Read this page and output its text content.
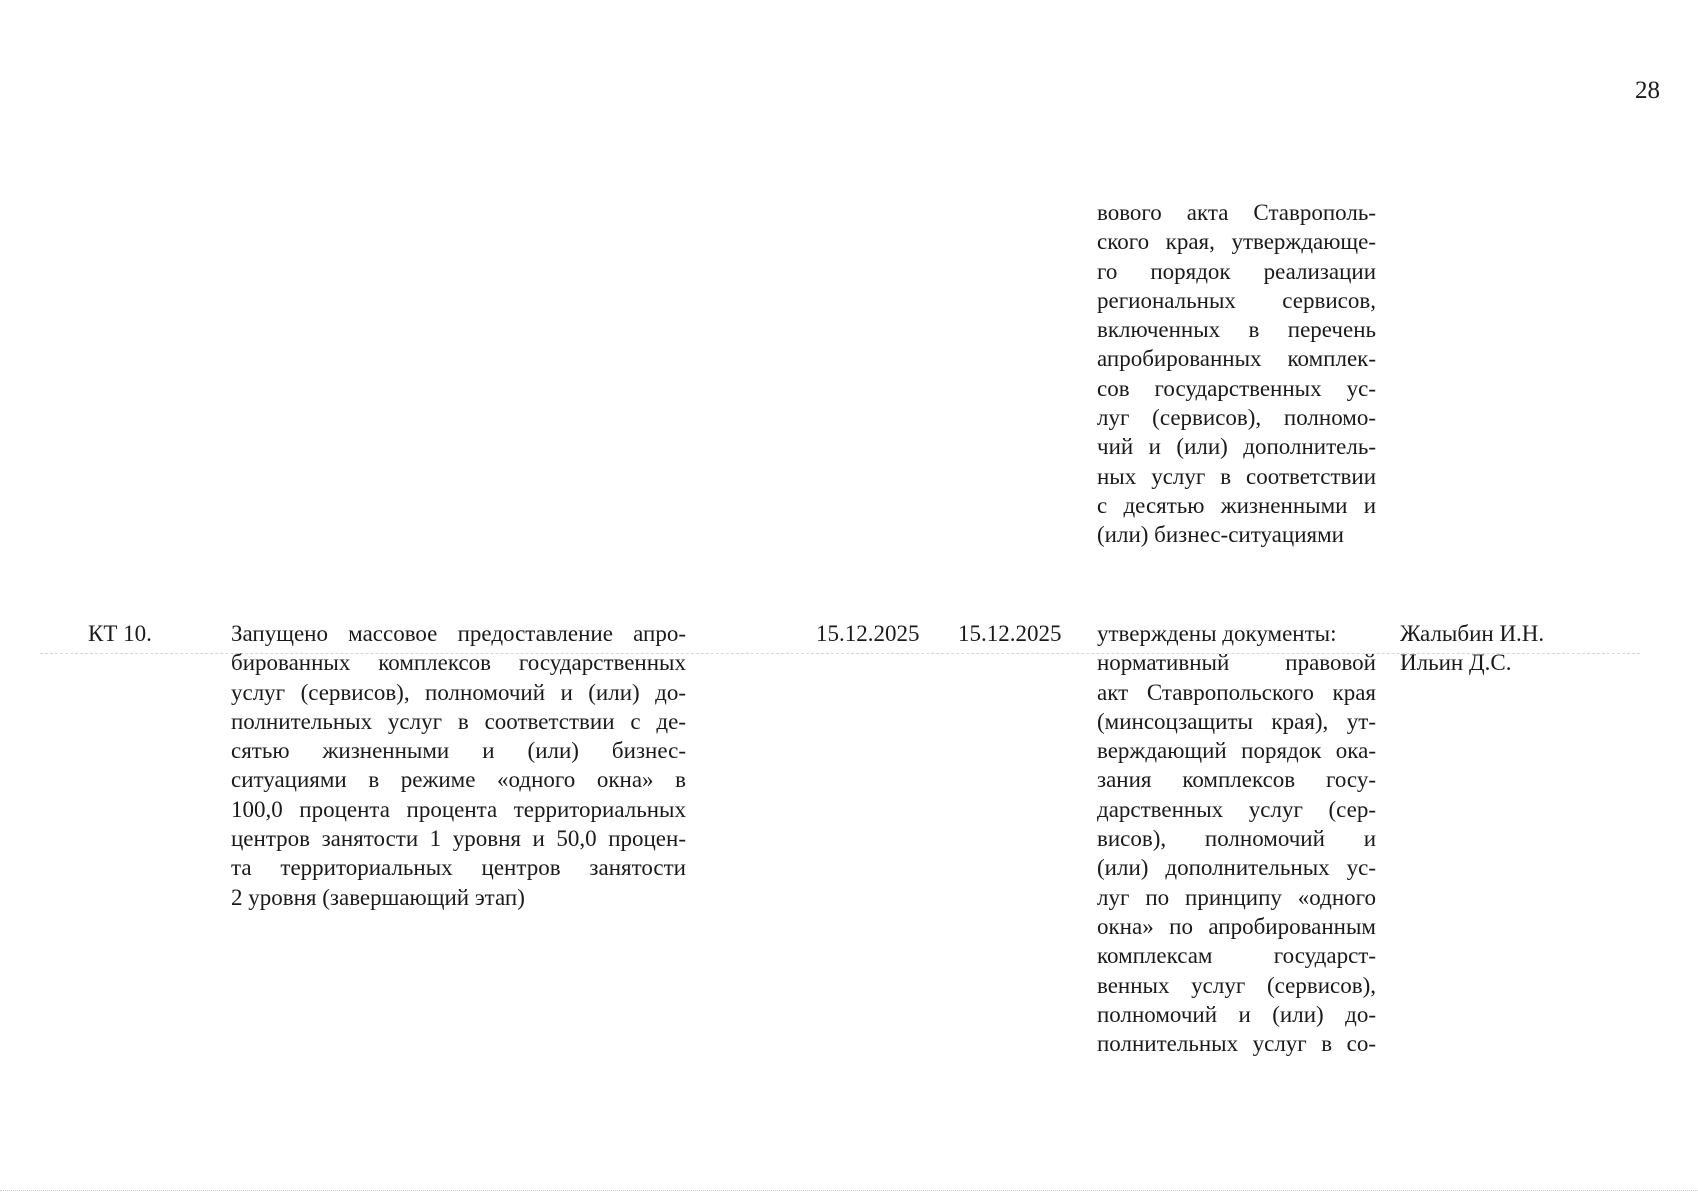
28
вового акта Ставрополь-
ского края, утверждающе-
го порядок реализации
региональных сервисов,
включенных в перечень
апробированных комплек-
сов государственных ус-
луг (сервисов), полномо-
чий и (или) дополнитель-
ных услуг в соответствии
с десятью жизненными и
(или) бизнес-ситуациями
КТ 10.	Запущено массовое предоставление апро-
бированных комплексов государственных
услуг (сервисов), полномочий и (или) до-
полнительных услуг в соответствии с де-
сятью жизненными и (или) бизнес-
ситуациями в режиме «одного окна» в
100,0 процента процента территориальных
центров занятости 1 уровня и 50,0 процен-
та территориальных центров занятости
2 уровня (завершающий этап)
15.12.2025 15.12.2025 утверждены документы:
нормативный правовой
акт Ставропольского края
(минсоцзащиты края), ут-
верждающий порядок ока-
зания комплексов госу-
дарственных услуг (сер-
висов), полномочий и
(или) дополнительных ус-
луг по принципу «одного
окна» по апробированным
комплексам государст-
венных услуг (сервисов),
полномочий и (или) до-
полнительных услуг в со-
Жалыбин И.Н.
Ильин Д.С.
